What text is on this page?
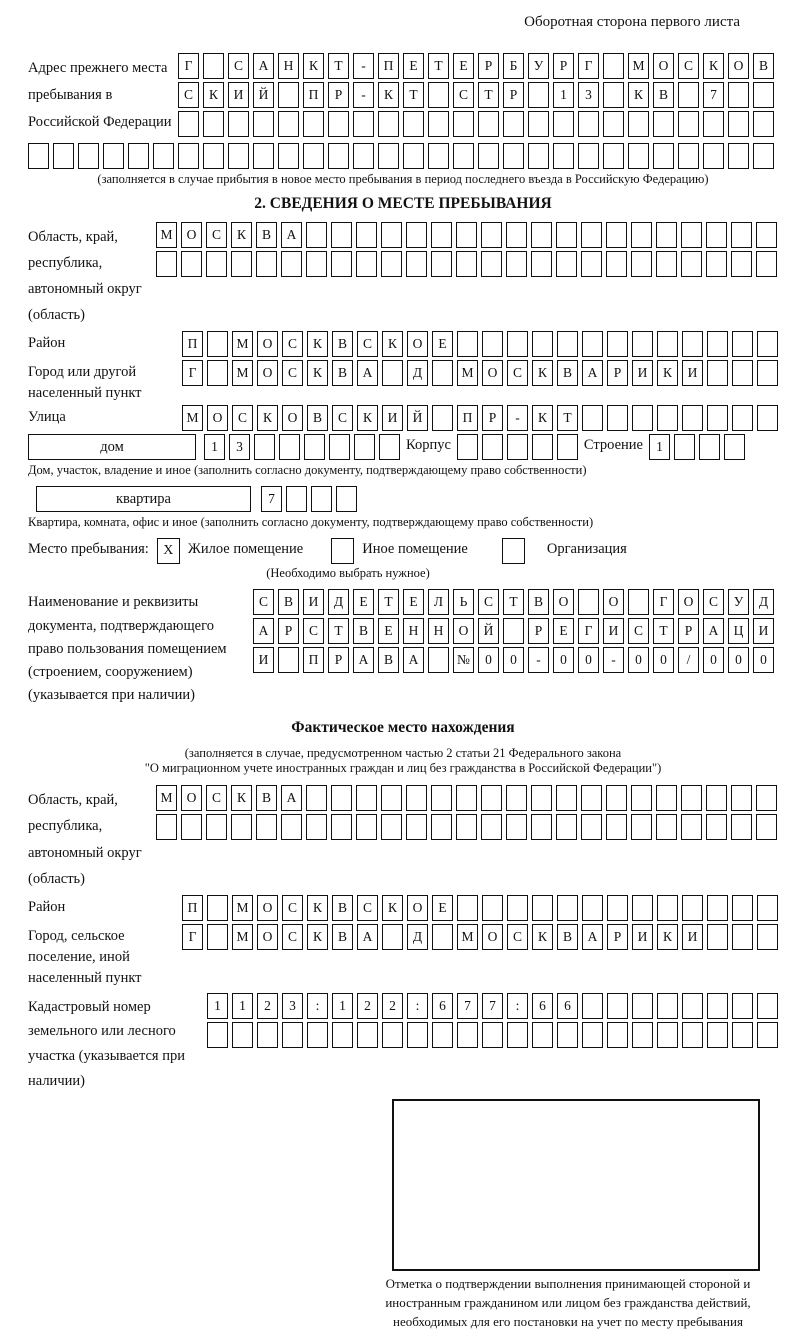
Оборотная сторона первого листа
Адрес прежнего места пребывания в Российской Федерации
Г	С	А	Н	К	Т	-	П	Е	Т	Е	Р	Б	У	Р	Г	М	О	С	К	О	В
С	К	И	Й	П	Р	-	К	Т	С	Т	Р	1	3	К	В	7
(заполняется в случае прибытия в новое место пребывания в период последнего въезда в Российскую Федерацию)
2. СВЕДЕНИЯ О МЕСТЕ ПРЕБЫВАНИЯ
Область, край, республика, автономный округ (область)
М	О	С	К	В	А
Район	П	М	О	С	К	В	С	К	О	Е
Город или другой населенный пункт
Г	М	О	С	К	В	А	Д	М	О	С	К	В	А	Р	И	К	И
Улица	М	О	С	К	О	В	С	К	И	Й	П	Р	-	К	Т
дом	1	3	Корпус	Строение 1
Дом, участок, владение и иное (заполнить согласно документу, подтверждающему право собственности)
квартира	7
Квартира, комната, офис и иное (заполнить согласно документу, подтверждающему право собственности)
Место пребывания:	X Жилое помещение	Иное помещение	Организация
(Необходимо выбрать нужное)
Наименование и реквизиты документа, подтверждающего право пользования помещением (строением, сооружением) (указывается при наличии)
С	В	И	Д	Е	Т	Е	Л	Ь	С	Т	В	О	О	Г	О	С	У	Д
А	Р	С	Т	В	Е	Н	Н	О	Й	Р	Е	Г	И	С	Т	Р	А	Ц	И
И	П	Р	А	В	А	№	0	0	-	0	0	-	0	0	/	0	0	0
Фактическое место нахождения
(заполняется в случае, предусмотренном частью 2 статьи 21 Федерального закона
"О миграционном учете иностранных граждан и лиц без гражданства в Российской Федерации")
Область, край, республика, автономный округ (область)
М	О	С	К	В	А
Район	П	М	О	С	К	В	С	К	О	Е
Город, сельское поселение, иной населенный пункт
Г	М	О	С	К	В	А	Д	М	О	С	К	В	А	Р	И	К	И
Кадастровый номер земельного или лесного участка (указывается при наличии)
1	1	2	3	:	1	2	2	:	6	7	7	:	6	6
Отметка о подтверждении выполнения принимающей стороной и иностранным гражданином или лицом без гражданства действий, необходимых для его постановки на учет по месту пребывания
